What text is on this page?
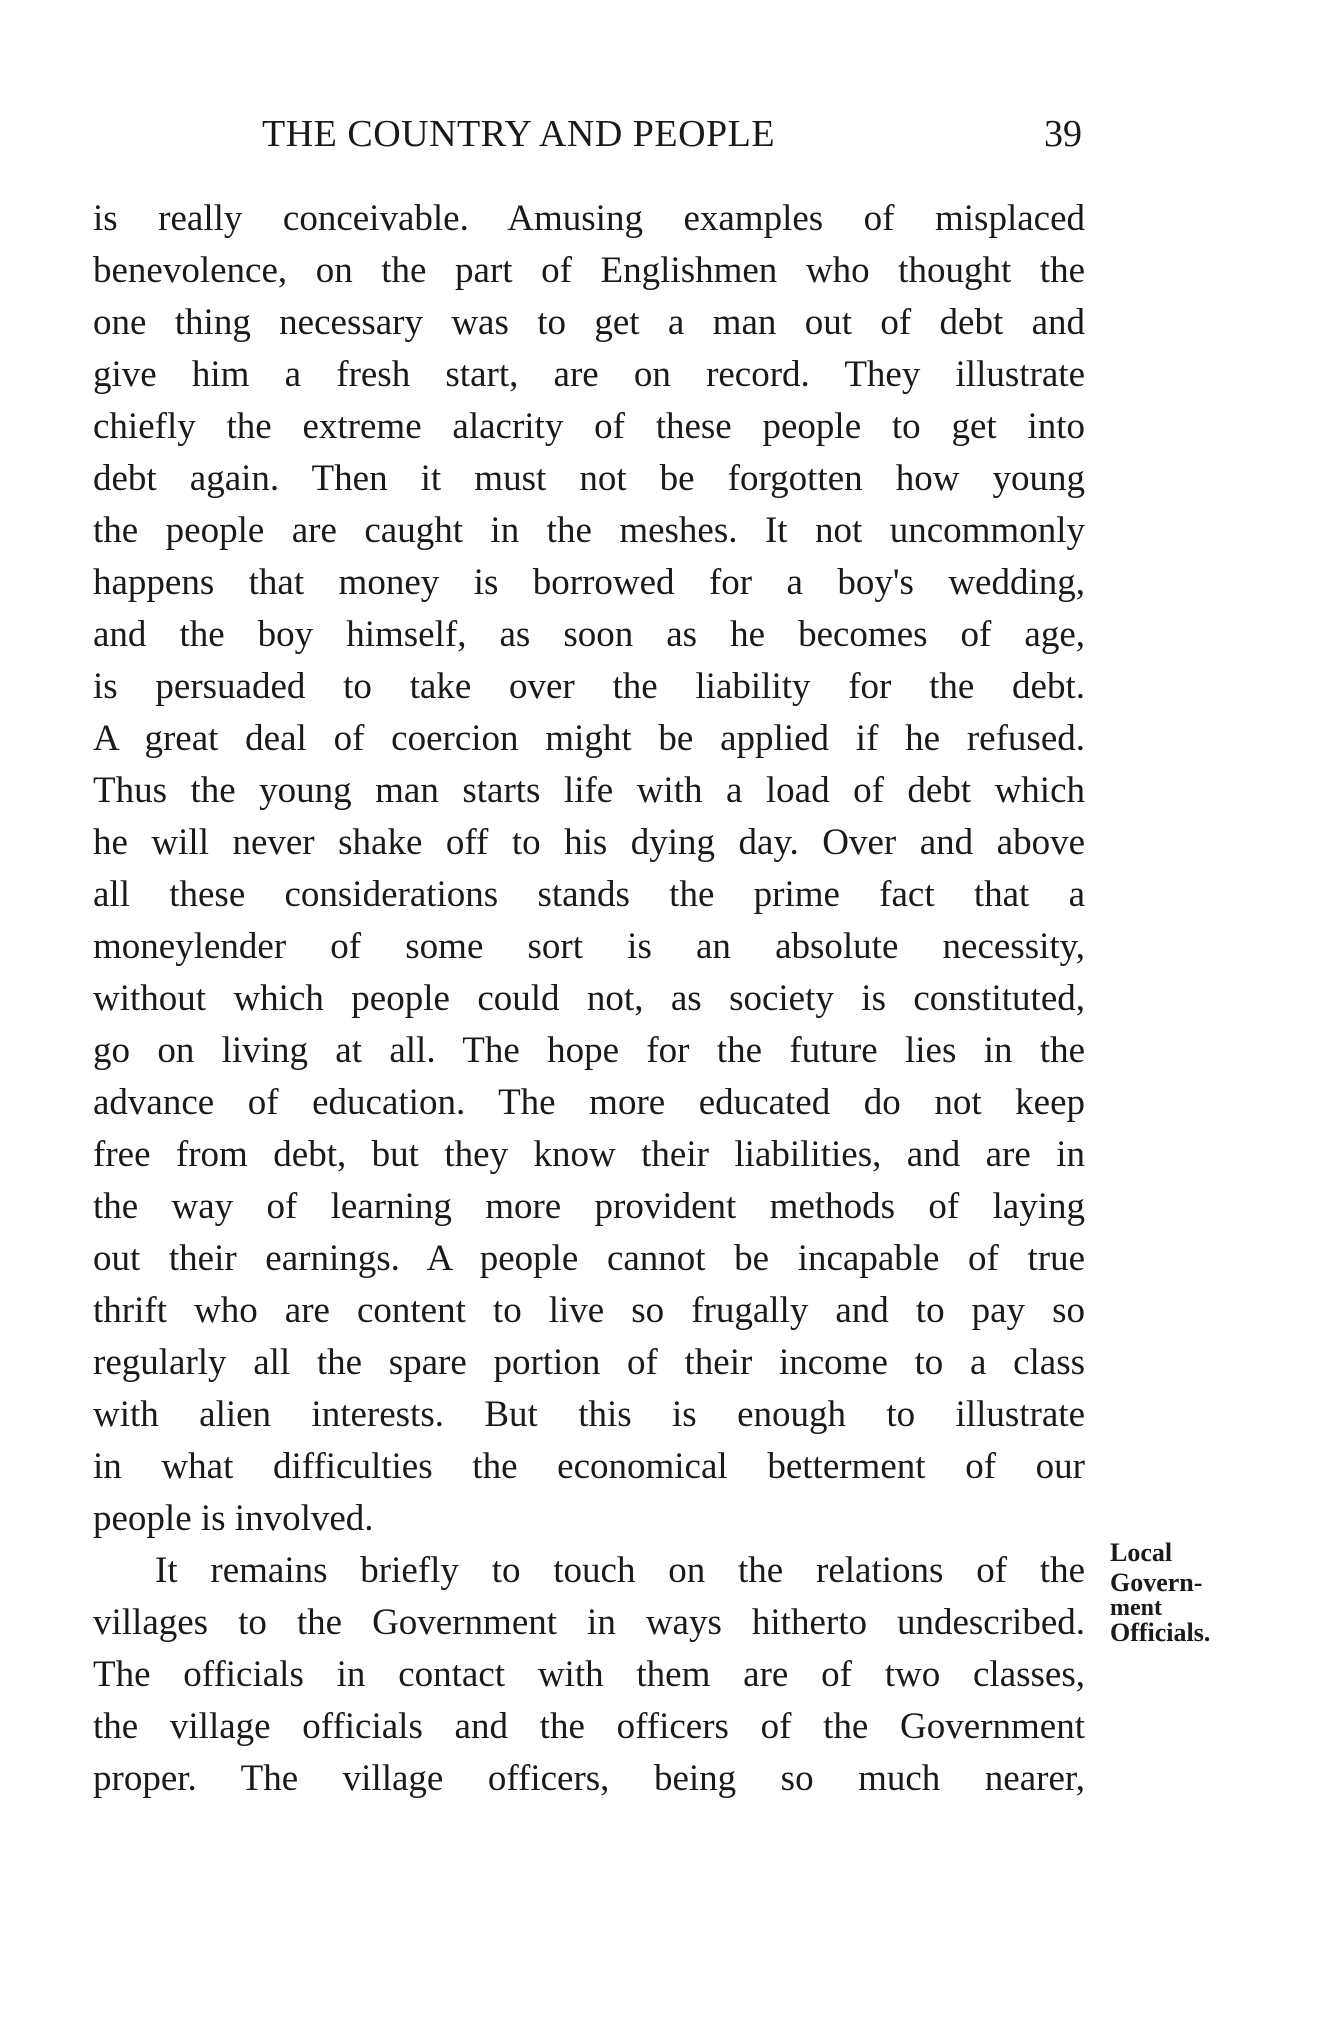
THE COUNTRY AND PEOPLE	39
is really conceivable. Amusing examples of misplaced
benevolence, on the part of Englishmen who thought the
one thing necessary was to get a man out of debt and
give him a fresh start, are on record. They illustrate
chiefly the extreme alacrity of these people to get into
debt again. Then it must not be forgotten how young
the people are caught in the meshes. It not uncommonly
happens that money is borrowed for a boy's wedding,
and the boy himself, as soon as he becomes of age,
is persuaded to take over the liability for the debt.
A great deal of coercion might be applied if he refused.
Thus the young man starts life with a load of debt which
he will never shake off to his dying day. Over and above
all these considerations stands the prime fact that a
moneylender of some sort is an absolute necessity,
without which people could not, as society is constituted,
go on living at all. The hope for the future lies in the
advance of education. The more educated do not keep
free from debt, but they know their liabilities, and are in
the way of learning more provident methods of laying
out their earnings. A people cannot be incapable of true
thrift who are content to live so frugally and to pay so
regularly all the spare portion of their income to a class
with alien interests. But this is enough to illustrate
in what difficulties the economical betterment of our
people is involved.
It remains briefly to touch on the relations of the
villages to the Government in ways hitherto undescribed.
The officials in contact with them are of two classes,
the village officials and the officers of the Government
proper. The village officers, being so much nearer,
Local
Govern-
ment
Officials.
